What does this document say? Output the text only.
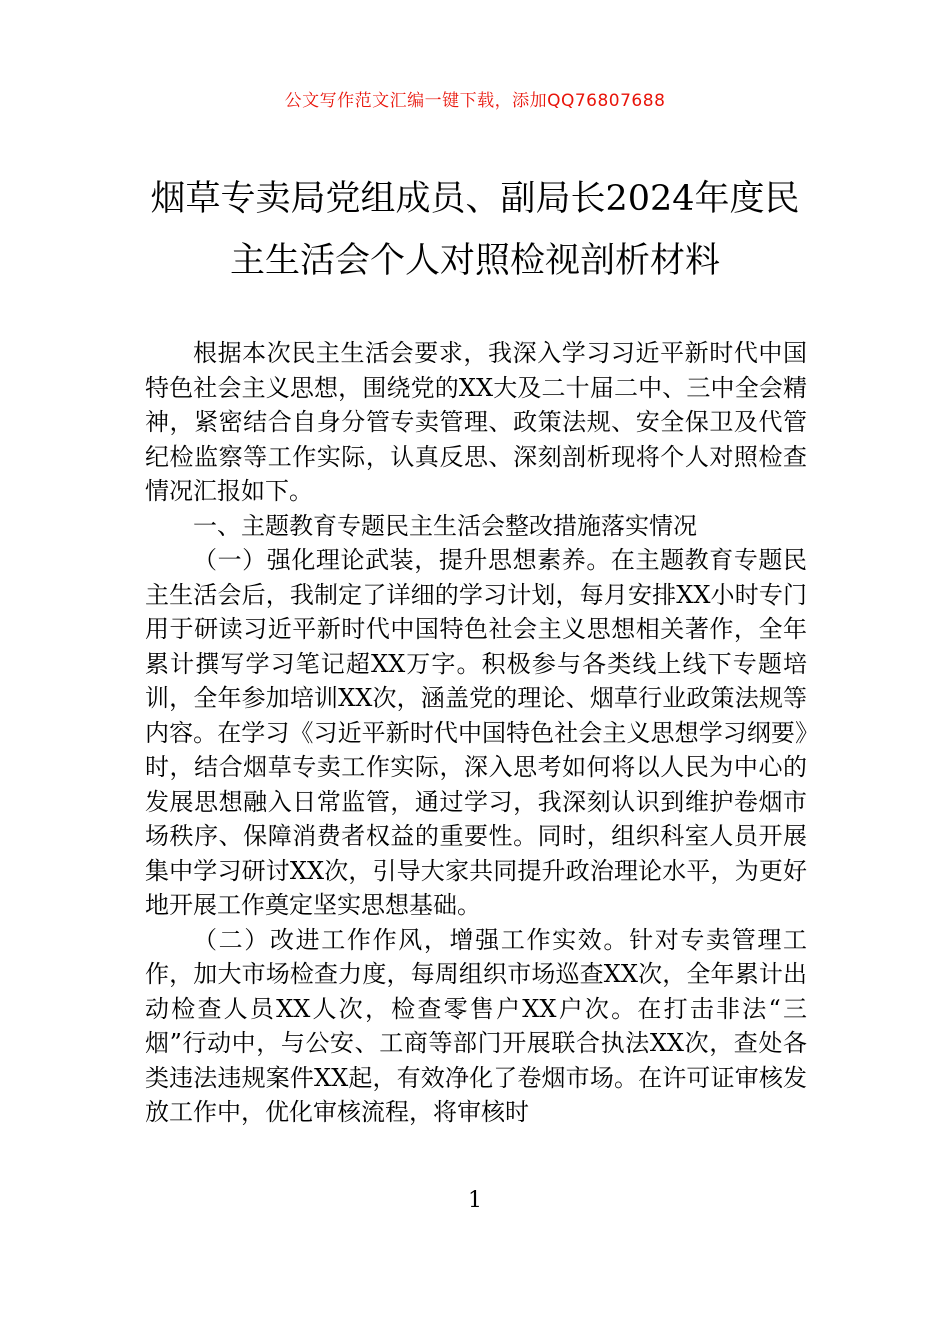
公文写作范文汇编一键下载，添加QQ76807688
烟草专卖局党组成员、副局长2024年度民
主生活会个人对照检视剖析材料

根据本次民主生活会要求，我深入学习习近平新时代中国特色社会主义思想，围绕党的XX大及二十届二中、三中全会精神，紧密结合自身分管专卖管理、政策法规、安全保卫及代管纪检监察等工作实际，认真反思、深刻剖析现将个人对照检查情况汇报如下。

一、主题教育专题民主生活会整改措施落实情况

（一）强化理论武装，提升思想素养。在主题教育专题民主生活会后，我制定了详细的学习计划，每月安排XX小时专门用于研读习近平新时代中国特色社会主义思想相关著作，全年累计撰写学习笔记超XX万字。积极参与各类线上线下专题培训，全年参加培训XX次，涵盖党的理论、烟草行业政策法规等内容。在学习《习近平新时代中国特色社会主义思想学习纲要》时，结合烟草专卖工作实际，深入思考如何将以人民为中心的发展思想融入日常监管，通过学习，我深刻认识到维护卷烟市场秩序、保障消费者权益的重要性。同时，组织科室人员开展集中学习研讨XX次，引导大家共同提升政治理论水平，为更好地开展工作奠定坚实思想基础。

（二）改进工作作风，增强工作实效。针对专卖管理工作，加大市场检查力度，每周组织市场巡查XX次，全年累计出动检查人员XX人次，检查零售户XX户次。在打击非法“三烟”行动中，与公安、工商等部门开展联合执法XX次，查处各类违法违规案件XX起，有效净化了卷烟市场。在许可证审核发放工作中，优化审核流程，将审核时

1
